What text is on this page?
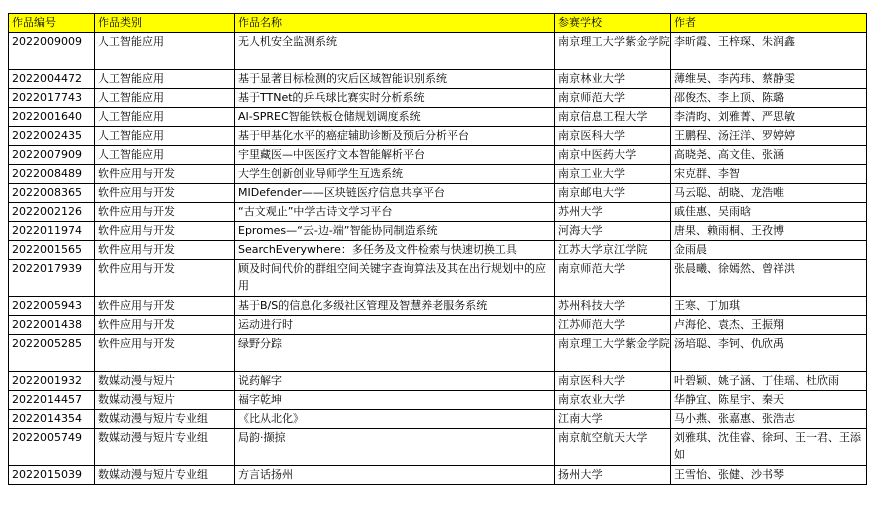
作品编号	作品类别	作品名称	参赛学校	作者
2022009009	人工智能应用	无人机安全监测系统	南京理工大学紫金学院	李昕霞、王梓琛、朱润鑫
2022004472	人工智能应用	基于显著目标检测的灾后区域智能识别系统	南京林业大学	薄维昊、李芮玮、蔡静雯
2022017743	人工智能应用	基于TTNet的乒乓球比赛实时分析系统	南京师范大学	邵俊杰、李上顶、陈璐
2022001640	人工智能应用	AI-SPREC智能铁板仓储规划调度系统	南京信息工程大学	李清昀、刘雅菁、严思敏
2022002435	人工智能应用	基于甲基化水平的癌症辅助诊断及预后分析平台	南京医科大学	王鹏程、汤汪洋、罗婷婷
2022007909	人工智能应用	宇里藏医—中医医疗文本智能解析平台	南京中医药大学	高晓尧、高文佳、张涵
2022008489	软件应用与开发	大学生创新创业导师学生互选系统	南京工业大学	宋克群、李智
2022008365	软件应用与开发	MIDefender——区块链医疗信息共享平台	南京邮电大学	马云聪、胡晓、龙浩唯
2022002126	软件应用与开发	“古文观止”中学古诗文学习平台	苏州大学	戚佳惠、吴雨晗
2022011974	软件应用与开发	Epromes—“云-边-端”智能协同制造系统	河海大学	唐果、赖雨桐、王孜博
2022001565	软件应用与开发	SearchEverywhere：多任务及文件检索与快速切换工具	江苏大学京江学院	金雨晨
2022017939	软件应用与开发	顾及时间代价的群组空间关键字查询算法及其在出行规划中的应用	南京师范大学	张晨曦、徐嫣然、曾祥洪
2022005943	软件应用与开发	基于B/S的信息化多级社区管理及智慧养老服务系统	苏州科技大学	王寒、丁加琪
2022001438	软件应用与开发	运动进行时	江苏师范大学	卢海伦、袁杰、王振翔
2022005285	软件应用与开发	绿野分踪	南京理工大学紫金学院	汤培聪、李钶、仇欣禹
2022001932	数媒动漫与短片	说药解字	南京医科大学	叶碧颖、姚子涵、丁佳瑶、杜欣雨
2022014457	数媒动漫与短片	福字乾坤	南京农业大学	华静宜、陈星宇、秦天
2022014354	数媒动漫与短片专业组	《比从北化》	江南大学	马小燕、张嘉惠、张浩志
2022005749	数媒动漫与短片专业组	局韵·撷掠	南京航空航天大学	刘雅琪、沈佳睿、徐珂、王一君、王添如
2022015039	数媒动漫与短片专业组	方言话扬州	扬州大学	王雪怡、张健、沙书琴
